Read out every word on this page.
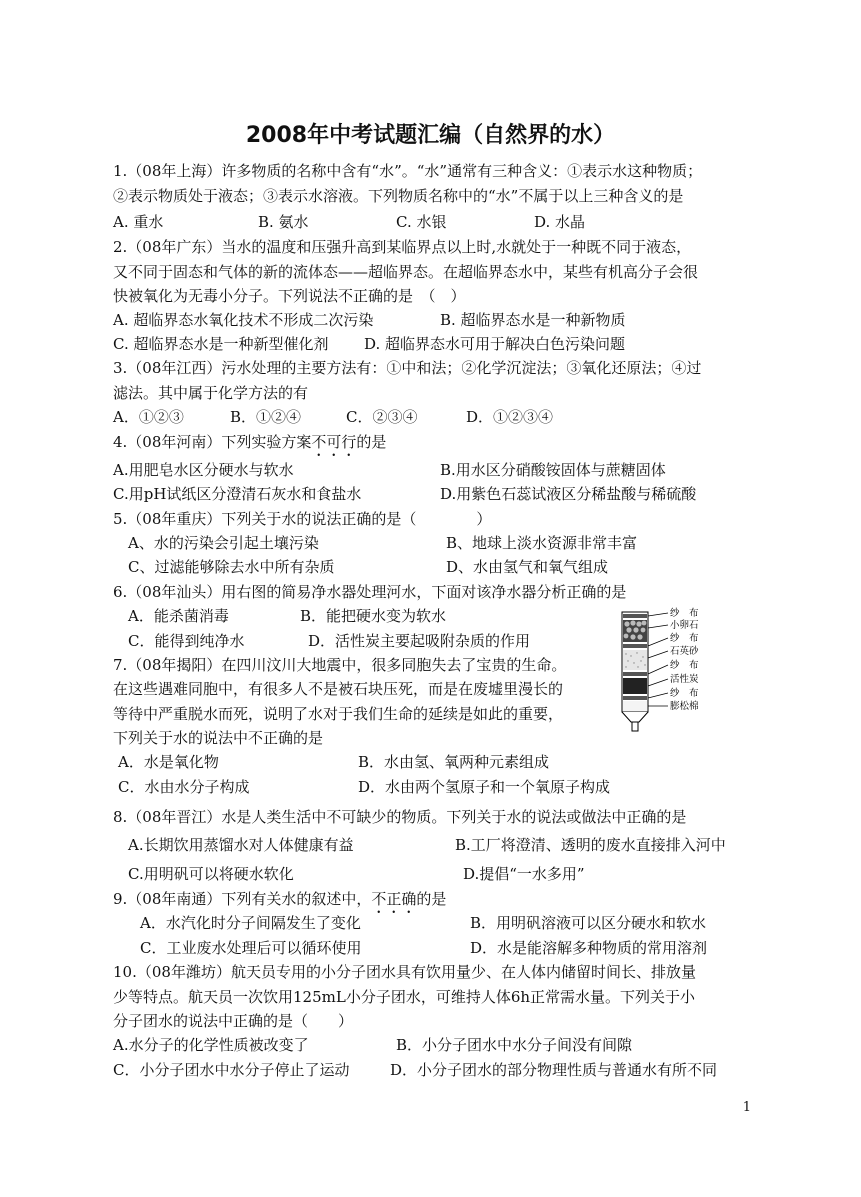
2008年中考试题汇编（自然界的水）
1.（08年上海）许多物质的名称中含有“水”。“水”通常有三种含义：①表示水这种物质；
②表示物质处于液态；③表示水溶液。下列物质名称中的“水”不属于以上三种含义的是
A. 重水	B. 氨水	C. 水银	D. 水晶
2.（08年广东）当水的温度和压强升高到某临界点以上时,水就处于一种既不同于液态，
又不同于固态和气体的新的流体态——超临界态。在超临界态水中，某些有机高分子会很
快被氧化为无毒小分子。下列说法不正确的是　（　）
A. 超临界态水氧化技术不形成二次污染	B. 超临界态水是一种新物质
C. 超临界态水是一种新型催化剂 D. 超临界态水可用于解决白色污染问题
3.（08年江西）污水处理的主要方法有：①中和法；②化学沉淀法；③氧化还原法；④过
滤法。其中属于化学方法的有
A．①②③	B．①②④	C．②③④	D．①②③④
4.（08年河南）下列实验方案不可行的是
A.用肥皂水区分硬水与软水	B.用水区分硝酸铵固体与蔗糖固体
C.用pH试纸区分澄清石灰水和食盐水	D.用紫色石蕊试液区分稀盐酸与稀硫酸
5.（08年重庆）下列关于水的说法正确的是（　　　　）
A、水的污染会引起土壤污染	B、地球上淡水资源非常丰富
C、过滤能够除去水中所有杂质	D、水由氢气和氧气组成
6.（08年汕头）用右图的简易净水器处理河水，下面对该净水器分析正确的是
A．能杀菌消毒	B．能把硬水变为软水
C．能得到纯净水	D．活性炭主要起吸附杂质的作用
纱　布
小卵石
纱　布
石英砂
纱　布
活性炭
纱　布
膨松棉
7.（08年揭阳）在四川汶川大地震中，很多同胞失去了宝贵的生命。
在这些遇难同胞中，有很多人不是被石块压死，而是在废墟里漫长的
等待中严重脱水而死，说明了水对于我们生命的延续是如此的重要，
下列关于水的说法中不正确的是
A．水是氧化物	B．水由氢、氧两种元素组成
C．水由水分子构成	D．水由两个氢原子和一个氧原子构成
8.（08年晋江）水是人类生活中不可缺少的物质。下列关于水的说法或做法中正确的是
A.长期饮用蒸馏水对人体健康有益	B.工厂将澄清、透明的废水直接排入河中
C.用明矾可以将硬水软化	D.提倡“一水多用”
9.（08年南通）下列有关水的叙述中，不正确的是
A．水汽化时分子间隔发生了变化	B．用明矾溶液可以区分硬水和软水
C．工业废水处理后可以循环使用	D．水是能溶解多种物质的常用溶剂
10.（08年潍坊）航天员专用的小分子团水具有饮用量少、在人体内储留时间长、排放量
少等特点。航天员一次饮用125mL小分子团水，可维持人体6h正常需水量。下列关于小
分子团水的说法中正确的是（　　）
A.水分子的化学性质被改变了	B．小分子团水中水分子间没有间隙
C．小分子团水中水分子停止了运动	D．小分子团水的部分物理性质与普通水有所不同
1
